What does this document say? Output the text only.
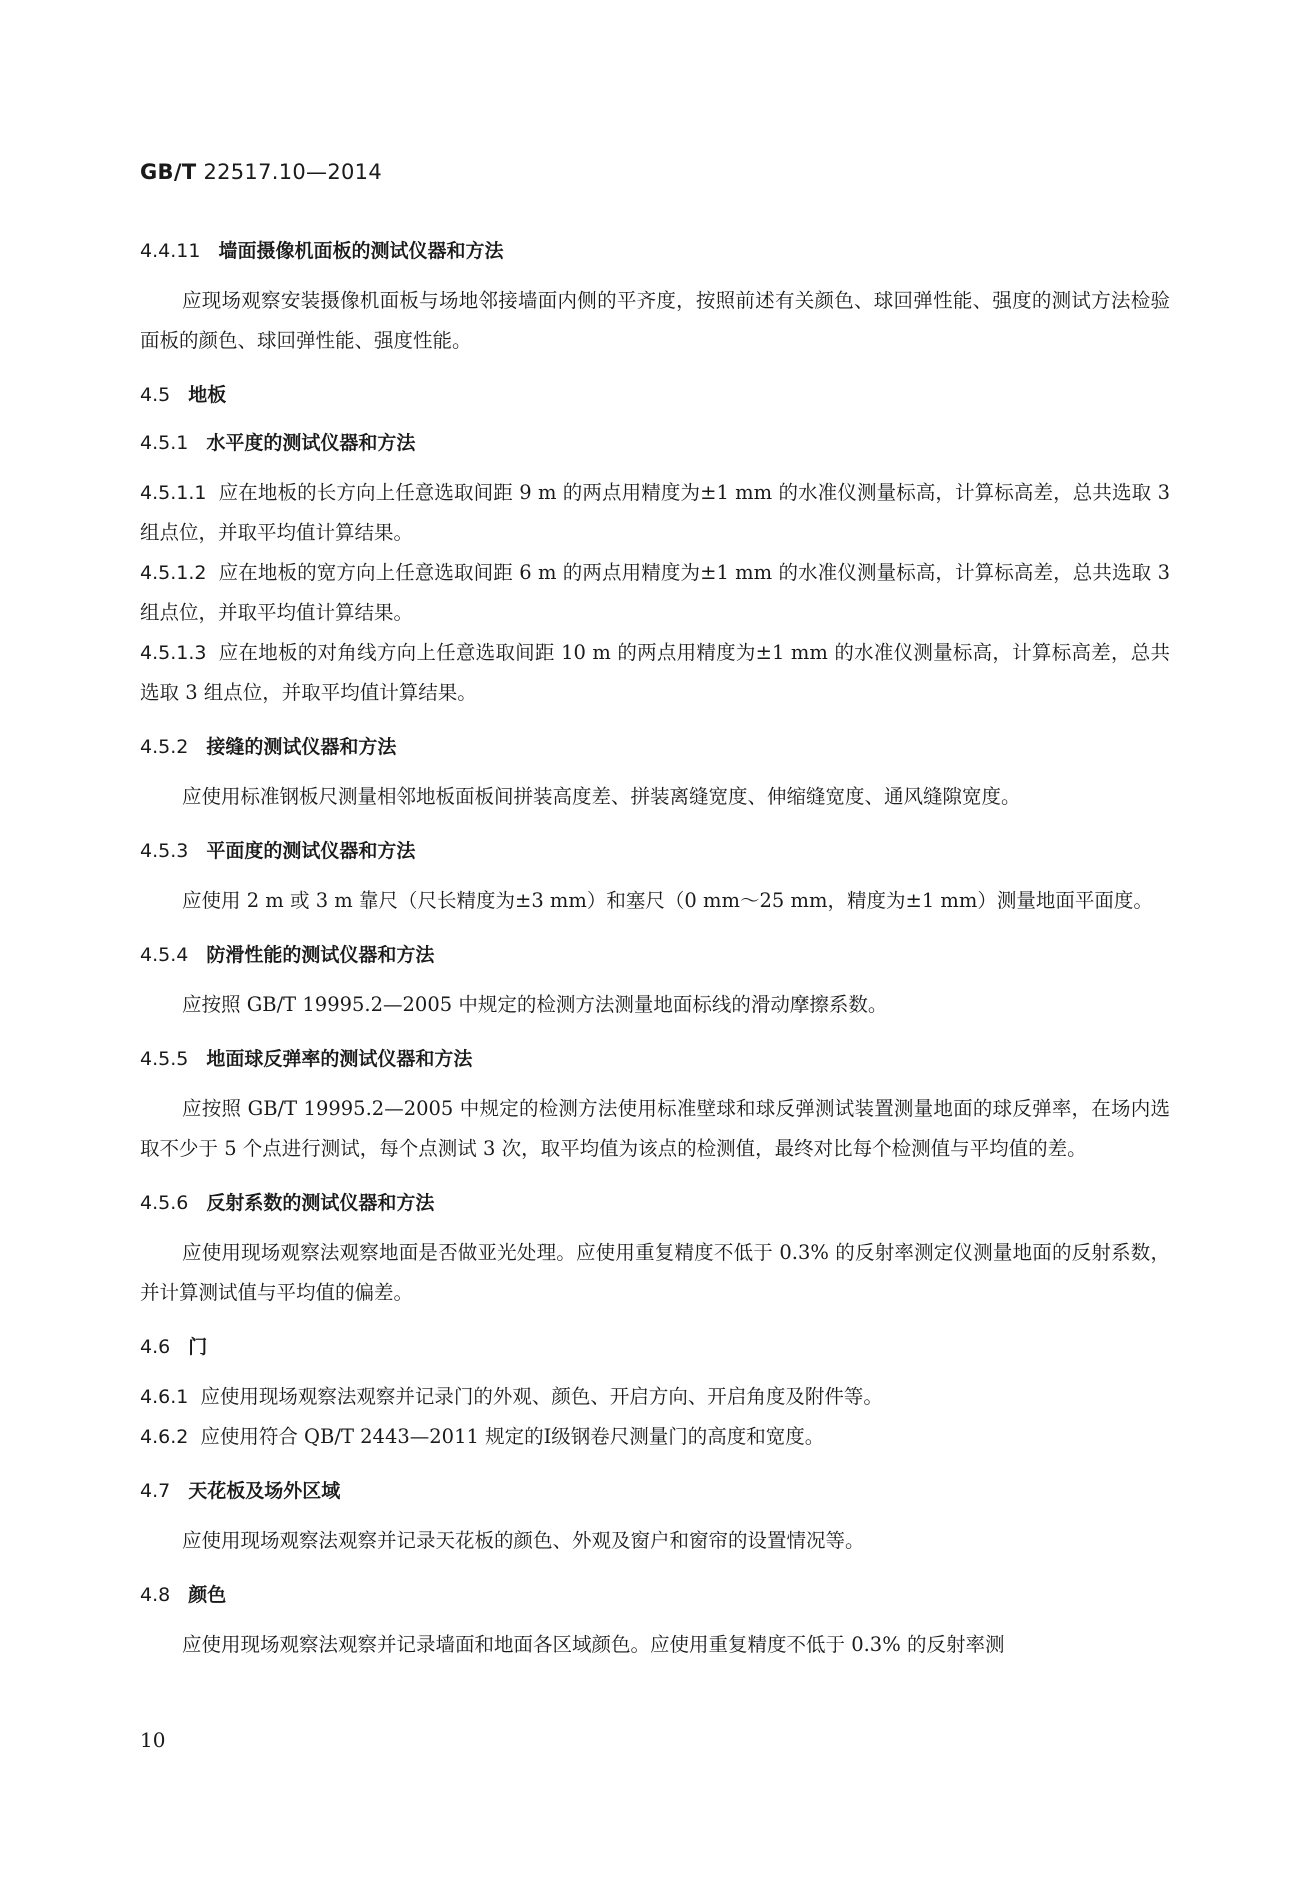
GB/T 22517.10—2014
4.4.11 墙面摄像机面板的测试仪器和方法

应现场观察安装摄像机面板与场地邻接墙面内侧的平齐度，按照前述有关颜色、球回弹性能、强度的测试方法检验面板的颜色、球回弹性能、强度性能。

4.5 地板
4.5.1 水平度的测试仪器和方法

4.5.1.1 应在地板的长方向上任意选取间距 9 m 的两点用精度为±1 mm 的水准仪测量标高，计算标高差，总共选取 3 组点位，并取平均值计算结果。

4.5.1.2 应在地板的宽方向上任意选取间距 6 m 的两点用精度为±1 mm 的水准仪测量标高，计算标高差，总共选取 3 组点位，并取平均值计算结果。

4.5.1.3 应在地板的对角线方向上任意选取间距 10 m 的两点用精度为±1 mm 的水准仪测量标高，计算标高差，总共选取 3 组点位，并取平均值计算结果。

4.5.2 接缝的测试仪器和方法

应使用标准钢板尺测量相邻地板面板间拼装高度差、拼装离缝宽度、伸缩缝宽度、通风缝隙宽度。

4.5.3 平面度的测试仪器和方法

应使用 2 m 或 3 m 靠尺（尺长精度为±3 mm）和塞尺（0 mm～25 mm，精度为±1 mm）测量地面平面度。

4.5.4 防滑性能的测试仪器和方法

应按照 GB/T 19995.2—2005 中规定的检测方法测量地面标线的滑动摩擦系数。

4.5.5 地面球反弹率的测试仪器和方法

应按照 GB/T 19995.2—2005 中规定的检测方法使用标准壁球和球反弹测试装置测量地面的球反弹率，在场内选取不少于 5 个点进行测试，每个点测试 3 次，取平均值为该点的检测值，最终对比每个检测值与平均值的差。

4.5.6 反射系数的测试仪器和方法

应使用现场观察法观察地面是否做亚光处理。应使用重复精度不低于 0.3% 的反射率测定仪测量地面的反射系数，并计算测试值与平均值的偏差。

4.6 门

4.6.1 应使用现场观察法观察并记录门的外观、颜色、开启方向、开启角度及附件等。

4.6.2 应使用符合 QB/T 2443—2011 规定的Ⅰ级钢卷尺测量门的高度和宽度。

4.7 天花板及场外区域

应使用现场观察法观察并记录天花板的颜色、外观及窗户和窗帘的设置情况等。

4.8 颜色

应使用现场观察法观察并记录墙面和地面各区域颜色。应使用重复精度不低于 0.3% 的反射率测

10
